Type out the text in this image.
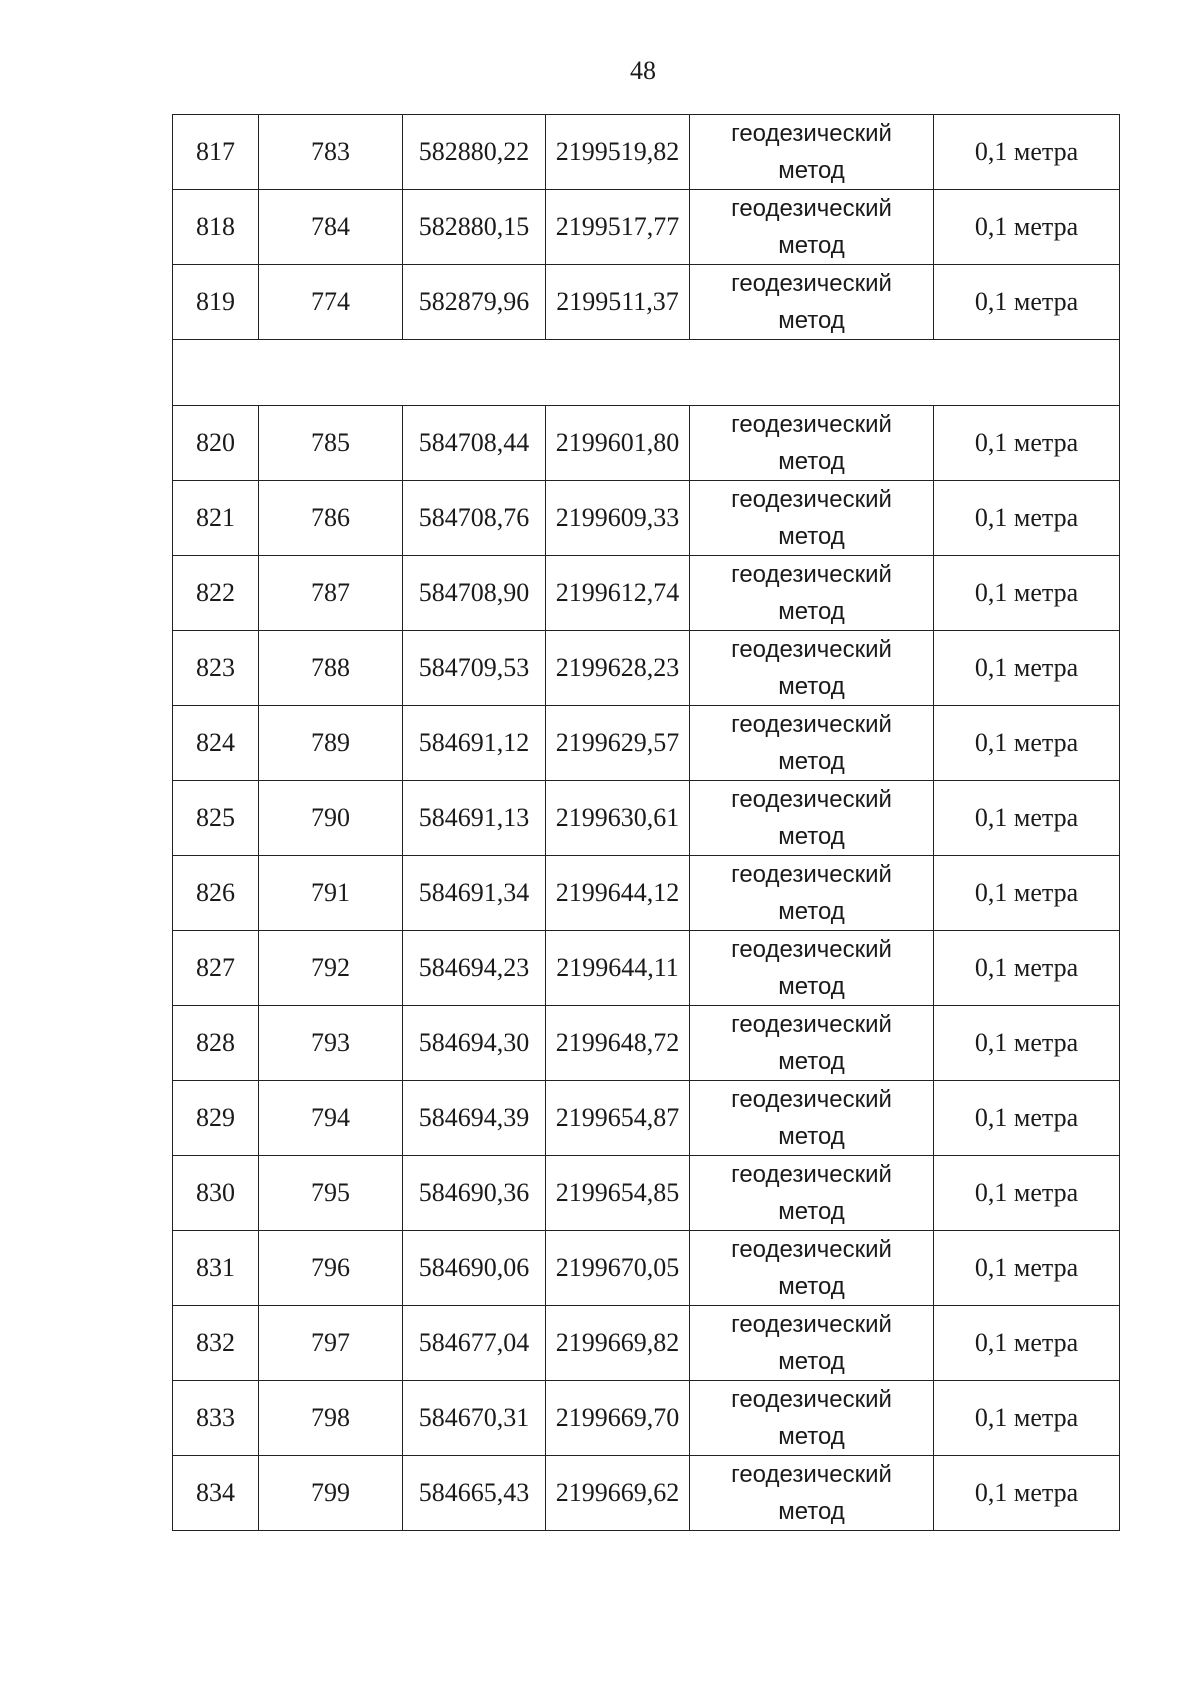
48
817	783	582880,22	2199519,82	геодезический
метод	0,1 метра
818	784	582880,15	2199517,77	геодезический
метод	0,1 метра
819	774	582879,96	2199511,37	геодезический
метод	0,1 метра

820	785	584708,44	2199601,80	геодезический
метод	0,1 метра
821	786	584708,76	2199609,33	геодезический
метод	0,1 метра
822	787	584708,90	2199612,74	геодезический
метод	0,1 метра
823	788	584709,53	2199628,23	геодезический
метод	0,1 метра
824	789	584691,12	2199629,57	геодезический
метод	0,1 метра
825	790	584691,13	2199630,61	геодезический
метод	0,1 метра
826	791	584691,34	2199644,12	геодезический
метод	0,1 метра
827	792	584694,23	2199644,11	геодезический
метод	0,1 метра
828	793	584694,30	2199648,72	геодезический
метод	0,1 метра
829	794	584694,39	2199654,87	геодезический
метод	0,1 метра
830	795	584690,36	2199654,85	геодезический
метод	0,1 метра
831	796	584690,06	2199670,05	геодезический
метод	0,1 метра
832	797	584677,04	2199669,82	геодезический
метод	0,1 метра
833	798	584670,31	2199669,70	геодезический
метод	0,1 метра
834	799	584665,43	2199669,62	геодезический
метод	0,1 метра
